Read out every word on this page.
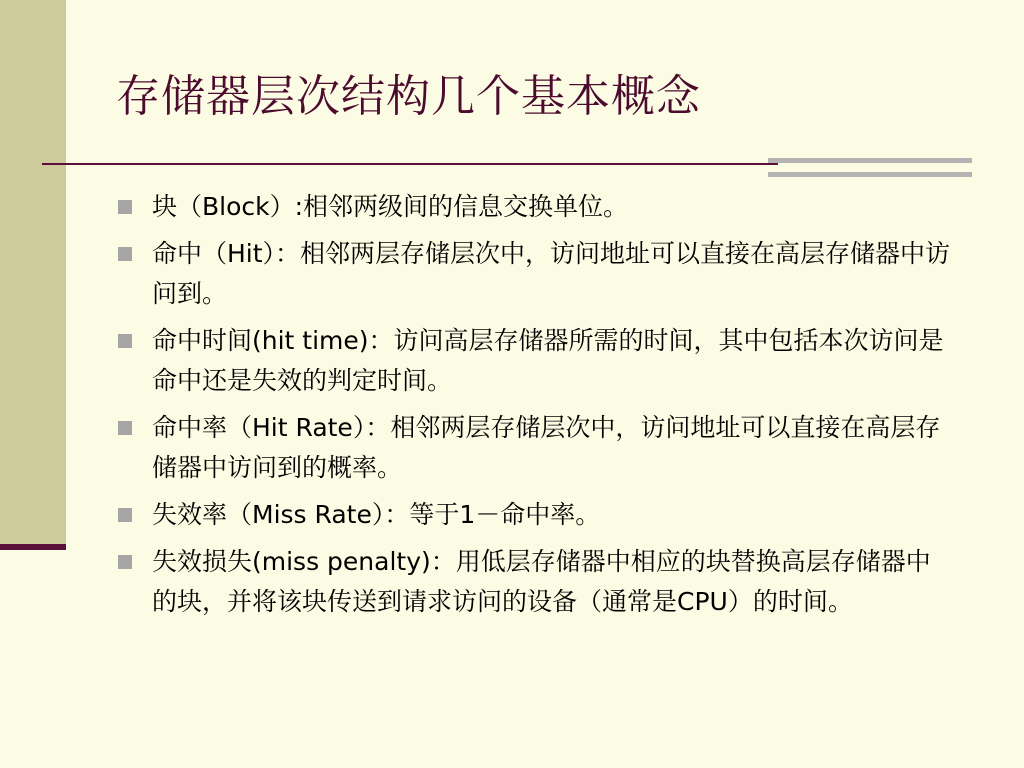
存储器层次结构几个基本概念
块（Block）:相邻两级间的信息交换单位。
命中（Hit）：相邻两层存储层次中，访问地址可以直接在高层存储器中访问到。
命中时间(hit time)：访问高层存储器所需的时间，其中包括本次访问是命中还是失效的判定时间。
命中率（Hit Rate）：相邻两层存储层次中，访问地址可以直接在高层存储器中访问到的概率。
失效率（Miss Rate）：等于1－命中率。
失效损失(miss penalty)：用低层存储器中相应的块替换高层存储器中的块，并将该块传送到请求访问的设备（通常是CPU）的时间。
